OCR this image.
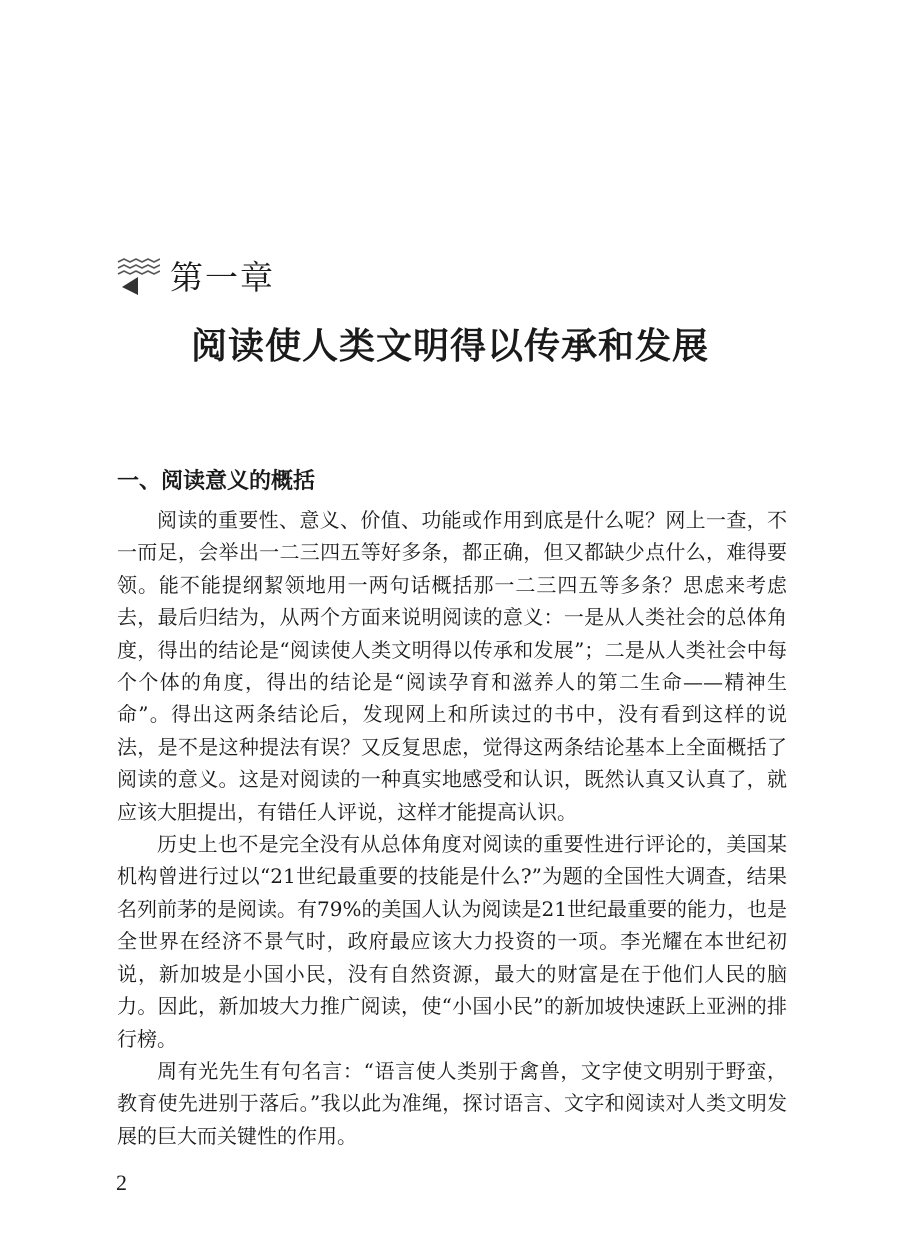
第一章
阅读使人类文明得以传承和发展
一、阅读意义的概括

阅读的重要性、意义、价值、功能或作用到底是什么呢？网上一查，不一而足，会举出一二三四五等好多条，都正确，但又都缺少点什么，难得要领。能不能提纲絜领地用一两句话概括那一二三四五等多条？思虑来考虑去，最后归结为，从两个方面来说明阅读的意义：一是从人类社会的总体角度，得出的结论是“阅读使人类文明得以传承和发展”；二是从人类社会中每个个体的角度，得出的结论是“阅读孕育和滋养人的第二生命——精神生命”。得出这两条结论后，发现网上和所读过的书中，没有看到这样的说法，是不是这种提法有误？又反复思虑，觉得这两条结论基本上全面概括了阅读的意义。这是对阅读的一种真实地感受和认识，既然认真又认真了，就应该大胆提出，有错任人评说，这样才能提高认识。

历史上也不是完全没有从总体角度对阅读的重要性进行评论的，美国某机构曾进行过以“21世纪最重要的技能是什么?”为题的全国性大调查，结果名列前茅的是阅读。有79%的美国人认为阅读是21世纪最重要的能力，也是全世界在经济不景气时，政府最应该大力投资的一项。李光耀在本世纪初说，新加坡是小国小民，没有自然资源，最大的财富是在于他们人民的脑力。因此，新加坡大力推广阅读，使“小国小民”的新加坡快速跃上亚洲的排行榜。

周有光先生有句名言：“语言使人类别于禽兽，文字使文明别于野蛮，教育使先进别于落后。”我以此为准绳，探讨语言、文字和阅读对人类文明发展的巨大而关键性的作用。

2
